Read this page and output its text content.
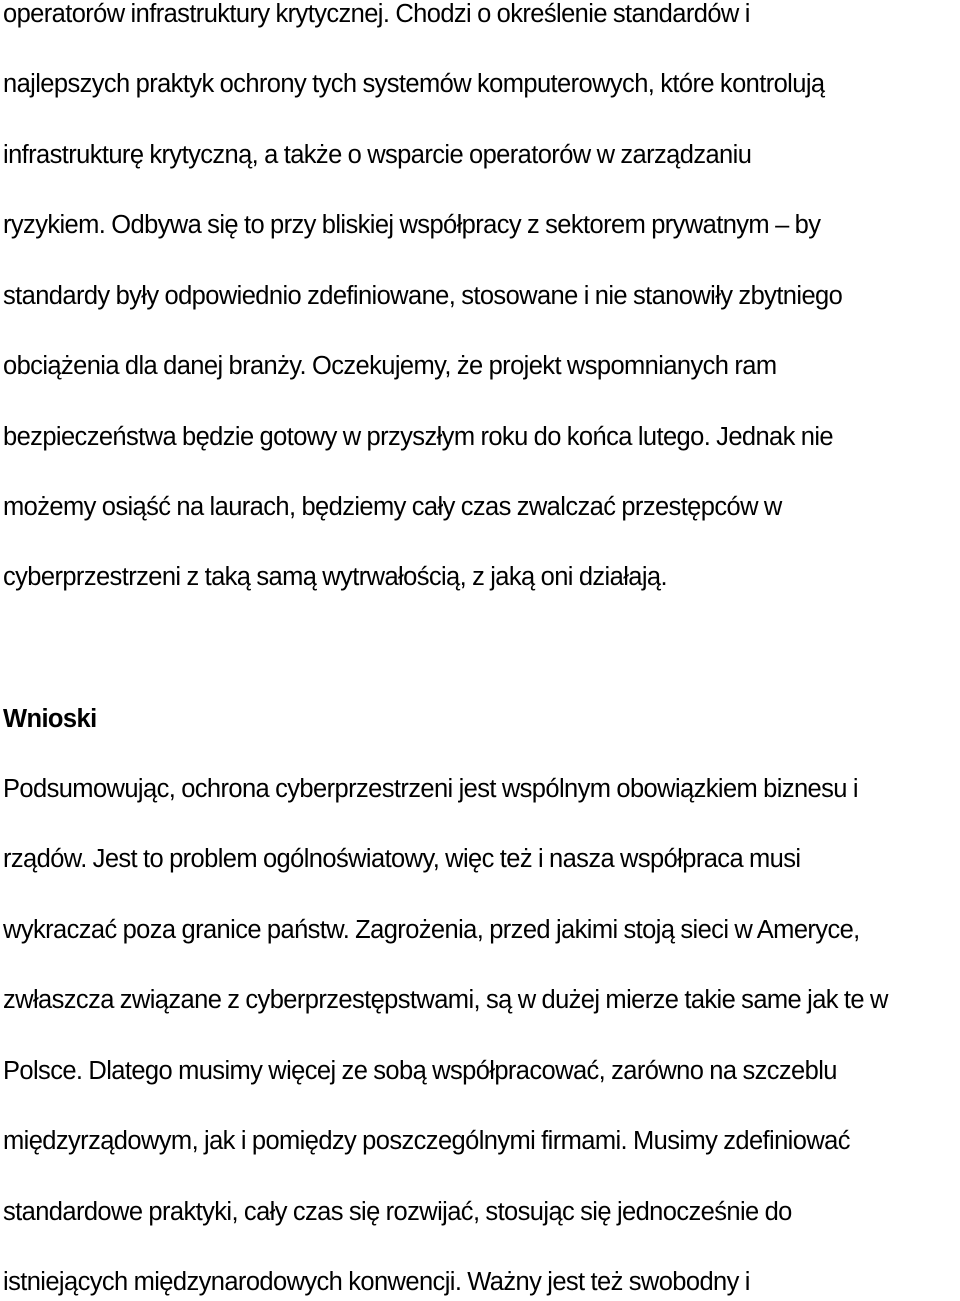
operatorów infrastruktury krytycznej. Chodzi o określenie standardów i
najlepszych praktyk ochrony tych systemów komputerowych, które kontrolują
infrastrukturę krytyczną, a także o wsparcie operatorów w zarządzaniu
ryzykiem. Odbywa się to przy bliskiej współpracy z sektorem prywatnym – by
standardy były odpowiednio zdefiniowane, stosowane i nie stanowiły zbytniego
obciążenia dla danej branży. Oczekujemy, że projekt wspomnianych ram
bezpieczeństwa będzie gotowy w przyszłym roku do końca lutego. Jednak nie
możemy osiąść na laurach, będziemy cały czas zwalczać przestępców w
cyberprzestrzeni z taką samą wytrwałością, z jaką oni działają.
Wnioski
Podsumowując, ochrona cyberprzestrzeni jest wspólnym obowiązkiem biznesu i
rządów. Jest to problem ogólnoświatowy, więc też i nasza współpraca musi
wykraczać poza granice państw. Zagrożenia, przed jakimi stoją sieci w Ameryce,
zwłaszcza związane z cyberprzestępstwami, są w dużej mierze takie same jak te w
Polsce. Dlatego musimy więcej ze sobą współpracować, zarówno na szczeblu
międzyrządowym, jak i pomiędzy poszczególnymi firmami. Musimy zdefiniować
standardowe praktyki, cały czas się rozwijać, stosując się jednocześnie do
istniejących międzynarodowych konwencji. Ważny jest też swobodny i
